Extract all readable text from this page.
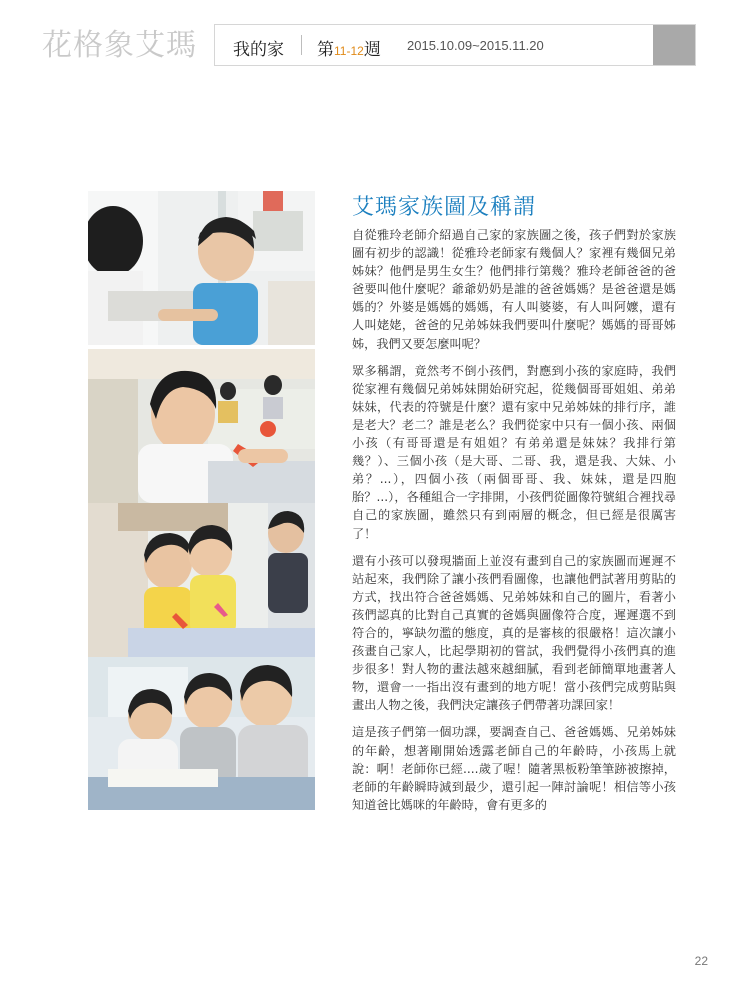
花格象艾瑪 我的家 第11-12週 2015.10.09~2015.11.20
艾瑪家族圖及稱謂

自從雅玲老師介紹過自己家的家族圖之後，孩子們對於家族圖有初步的認識！從雅玲老師家有幾個人？家裡有幾個兄弟姊妹？他們是男生女生？他們排行第幾？雅玲老師爸爸的爸爸要叫他什麼呢？爺爺奶奶是誰的爸爸媽媽？是爸爸還是媽媽的？外婆是媽媽的媽媽，有人叫婆婆，有人叫阿嬤，還有人叫姥姥，爸爸的兄弟姊妹我們要叫什麼呢？媽媽的哥哥姊姊，我們又要怎麼叫呢？

眾多稱謂，竟然考不倒小孩們，對應到小孩的家庭時，我們從家裡有幾個兄弟姊妹開始研究起，從幾個哥哥姐姐、弟弟妹妹，代表的符號是什麼？還有家中兄弟姊妹的排行序，誰是老大？老二？誰是老么？我們從家中只有一個小孩、兩個小孩（有哥哥還是有姐姐？有弟弟還是妹妹？我排行第幾？）、三個小孩（是大哥、二哥、我，還是我、大妹、小弟？...），四個小孩（兩個哥哥、我、妹妹，還是四胞胎？...），各種組合一字排開，小孩們從圖像符號組合裡找尋自己的家族圖，雖然只有到兩層的概念，但已經是很厲害了！

還有小孩可以發現牆面上並沒有畫到自己的家族圖而遲遲不站起來，我們除了讓小孩們看圖像，也讓他們試著用剪貼的方式，找出符合爸爸媽媽、兄弟姊妹和自己的圖片，看著小孩們認真的比對自己真實的爸媽與圖像符合度，遲遲選不到符合的，寧缺勿濫的態度，真的是審核的很嚴格！這次讓小孩畫自己家人，比起學期初的嘗試，我們覺得小孩們真的進步很多！對人物的畫法越來越細膩，看到老師簡單地畫著人物，還會一一指出沒有畫到的地方呢！當小孩們完成剪貼與畫出人物之後，我們決定讓孩子們帶著功課回家！

這是孩子們第一個功課，要調查自己、爸爸媽媽、兄弟姊妹的年齡，想著剛開始透露老師自己的年齡時，小孩馬上就說：啊！老師你已經....歲了喔！隨著黑板粉筆筆跡被擦掉，老師的年齡瞬時減到最少，還引起一陣討論呢！相信等小孩知道爸比媽咪的年齡時，會有更多的

22
